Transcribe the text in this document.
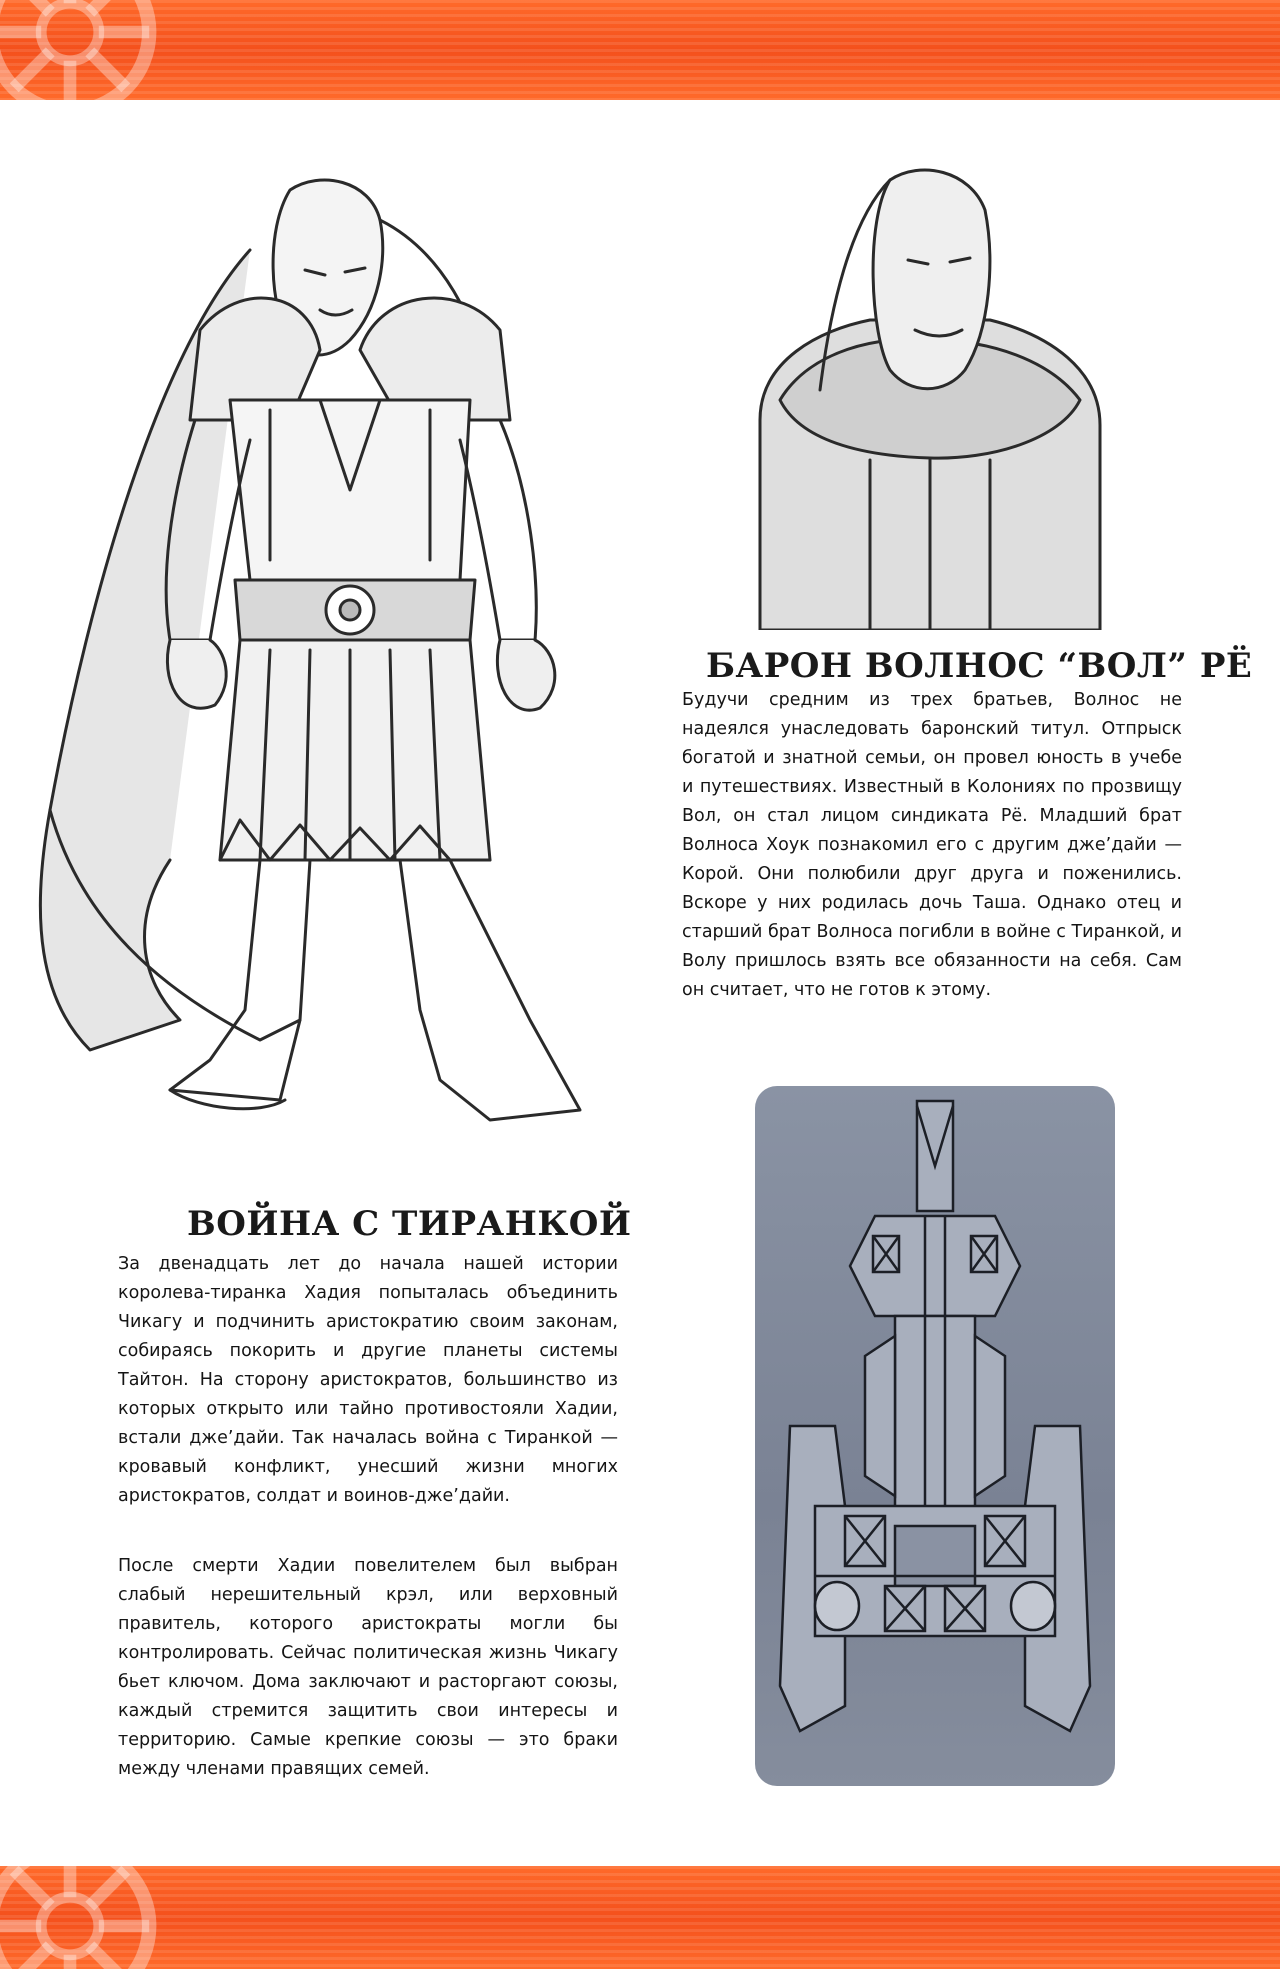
БАРОН ВОЛНОС “ВОЛ” РЁ

Будучи средним из трех братьев, Волнос не надеялся унаследовать баронский титул. Отпрыск богатой и знатной семьи, он провел юность в учебе и путешествиях. Известный в Колониях по прозвищу Вол, он стал лицом синдиката Рё. Младший брат Волноса Хоук познакомил его с другим дже’дайи — Корой. Они полюбили друг друга и поженились. Вскоре у них родилась дочь Таша. Однако отец и старший брат Волноса погибли в войне с Тиранкой, и Волу пришлось взять все обязанности на себя. Сам он считает, что не готов к этому.

ВОЙНА С ТИРАНКОЙ

За двенадцать лет до начала нашей истории королева-тиранка Хадия попыталась объединить Чикагу и подчинить аристократию своим законам, собираясь покорить и другие планеты системы Тайтон. На сторону аристократов, большинство из которых открыто или тайно противостояли Хадии, встали дже’дайи. Так началась война с Тиранкой — кровавый конфликт, унесший жизни многих аристократов, солдат и воинов-дже’дайи.

После смерти Хадии повелителем был выбран слабый нерешительный крэл, или верховный правитель, которого аристократы могли бы контролировать. Сейчас политическая жизнь Чикагу бьет ключом. Дома заключают и расторгают союзы, каждый стремится защитить свои интересы и территорию. Самые крепкие союзы — это браки между членами правящих семей.
